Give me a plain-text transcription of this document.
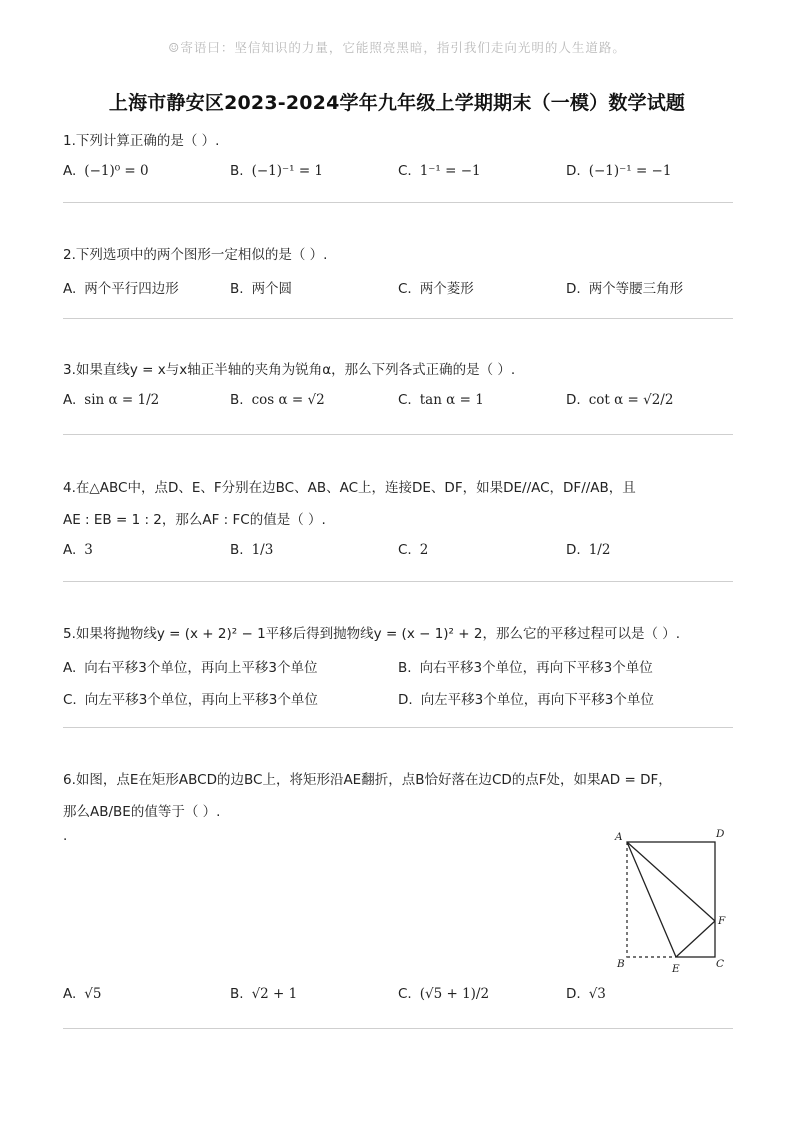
☺寄语曰：坚信知识的力量，它能照亮黑暗，指引我们走向光明的人生道路。
上海市静安区2023-2024学年九年级上学期期末（一模）数学试题
1.下列计算正确的是（ ）.
A. (−1)⁰ = 0	B. (−1)⁻¹ = 1	C. 1⁻¹ = −1	D. (−1)⁻¹ = −1
2.下列选项中的两个图形一定相似的是（ ）.
A. 两个平行四边形	B. 两个圆	C. 两个菱形	D. 两个等腰三角形
3.如果直线y = x与x轴正半轴的夹角为锐角α，那么下列各式正确的是（ ）.
A. sin α = 1/2	B. cos α = √2	C. tan α = 1	D. cot α = √2/2
4.在△ABC中，点D、E、F分别在边BC、AB、AC上，连接DE、DF，如果DE//AC，DF//AB，且
AE : EB = 1 : 2，那么AF : FC的值是（ ）.
A. 3	B. 1/3	C. 2	D. 1/2
5.如果将抛物线y = (x + 2)² − 1平移后得到抛物线y = (x − 1)² + 2，那么它的平移过程可以是（ ）.
A. 向右平移3个单位，再向上平移3个单位	B. 向右平移3个单位，再向下平移3个单位
C. 向左平移3个单位，再向上平移3个单位	D. 向左平移3个单位，再向下平移3个单位
6.如图，点E在矩形ABCD的边BC上，将矩形沿AE翻折，点B恰好落在边CD的点F处，如果AD = DF，
那么AB/BE的值等于（ ）.
.	A	D
F
B	E	C
A. √5	B. √2 + 1	C. (√5 + 1)/2	D. √3
